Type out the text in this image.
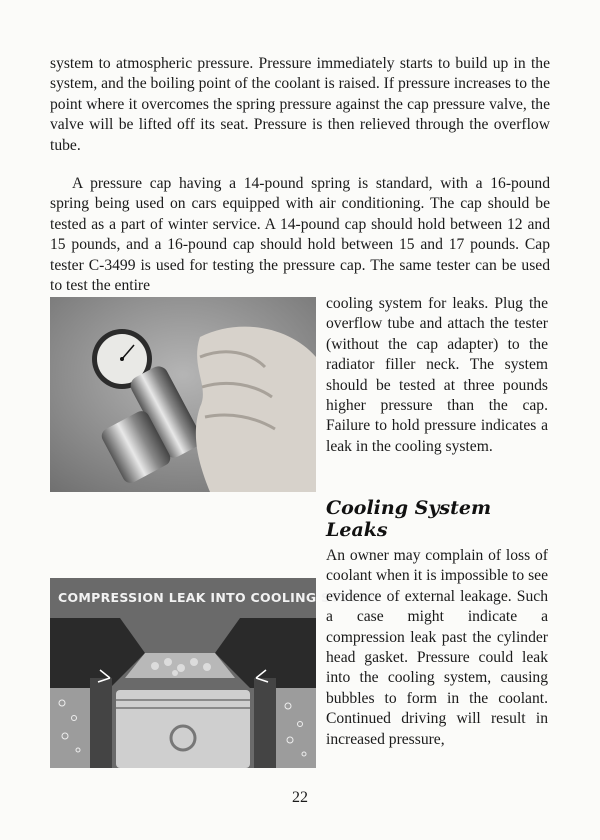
system to atmospheric pressure. Pressure immediately starts to build up in the system, and the boiling point of the coolant is raised. If pressure increases to the point where it overcomes the spring pressure against the cap pressure valve, the valve will be lifted off its seat. Pressure is then relieved through the overflow tube.

A pressure cap having a 14-pound spring is standard, with a 16-pound spring being used on cars equipped with air conditioning. The cap should be tested as a part of winter service. A 14-pound cap should hold between 12 and 15 pounds, and a 16-pound cap should hold between 15 and 17 pounds. Cap tester C-3499 is used for testing the pressure cap. The same tester can be used to test the entire

cooling system for leaks. Plug the overflow tube and attach the tester (without the cap adapter) to the radiator filler neck. The system should be tested at three pounds higher pressure than the cap. Failure to hold pressure indicates a leak in the cooling system.

Cooling System
Leaks
COMPRESSION LEAK INTO COOLING SYSTEM

An owner may complain of loss of coolant when it is impossible to see evidence of external leakage. Such a case might indicate a compression leak past the cylinder head gasket. Pressure could leak into the cooling system, causing bubbles to form in the coolant. Continued driving will result in increased pressure,

22
